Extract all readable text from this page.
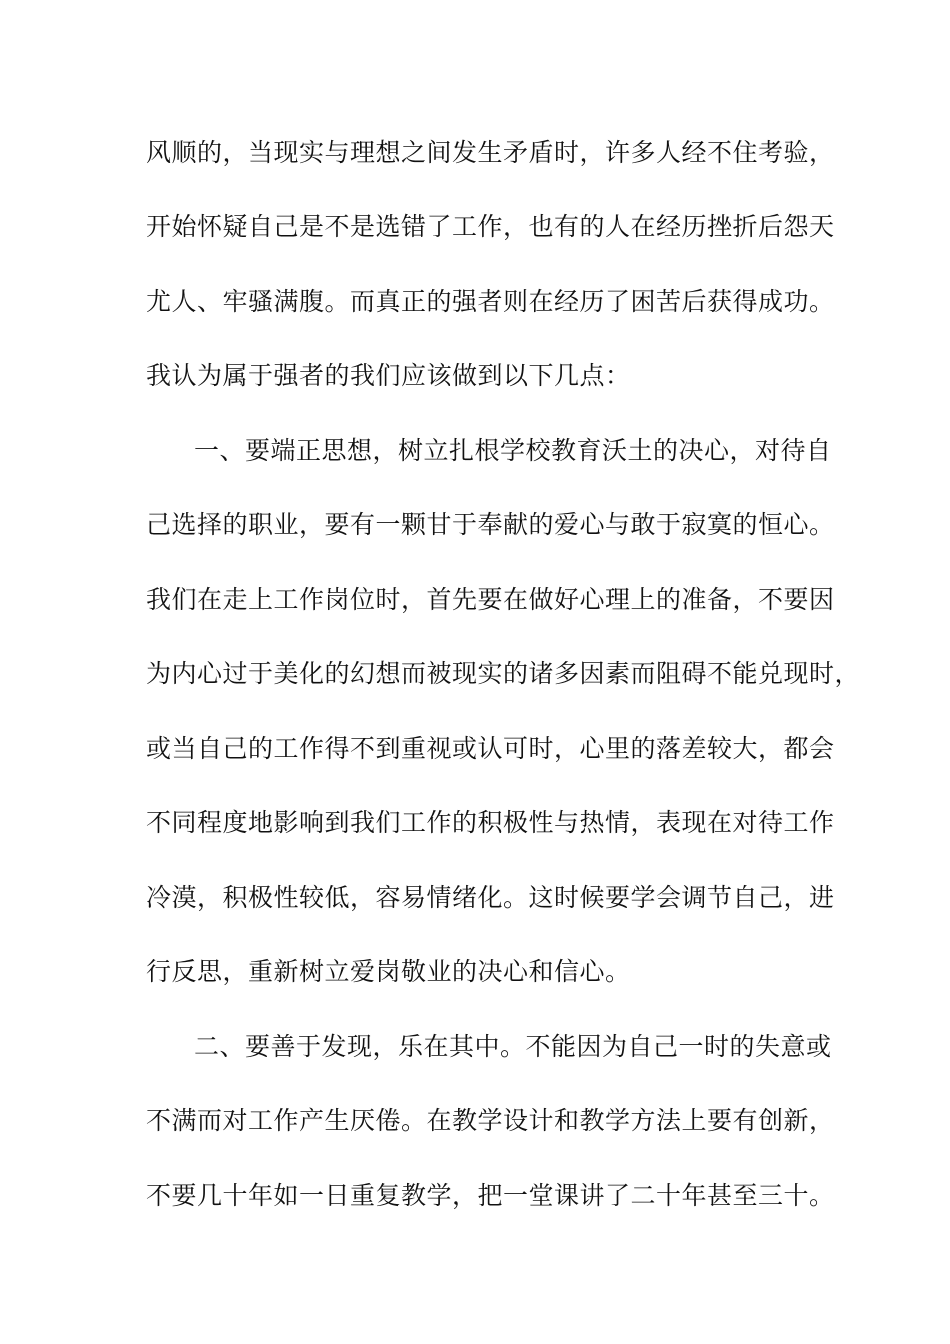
风顺的，当现实与理想之间发生矛盾时，许多人经不住考验，
开始怀疑自己是不是选错了工作，也有的人在经历挫折后怨天
尤人、牢骚满腹。而真正的强者则在经历了困苦后获得成功。
我认为属于强者的我们应该做到以下几点：
一、要端正思想，树立扎根学校教育沃土的决心，对待自
己选择的职业，要有一颗甘于奉献的爱心与敢于寂寞的恒心。
我们在走上工作岗位时，首先要在做好心理上的准备，不要因
为内心过于美化的幻想而被现实的诸多因素而阻碍不能兑现时，
或当自己的工作得不到重视或认可时，心里的落差较大，都会
不同程度地影响到我们工作的积极性与热情，表现在对待工作
冷漠，积极性较低，容易情绪化。这时候要学会调节自己，进
行反思，重新树立爱岗敬业的决心和信心。
二、要善于发现，乐在其中。不能因为自己一时的失意或
不满而对工作产生厌倦。在教学设计和教学方法上要有创新，
不要几十年如一日重复教学，把一堂课讲了二十年甚至三十。
